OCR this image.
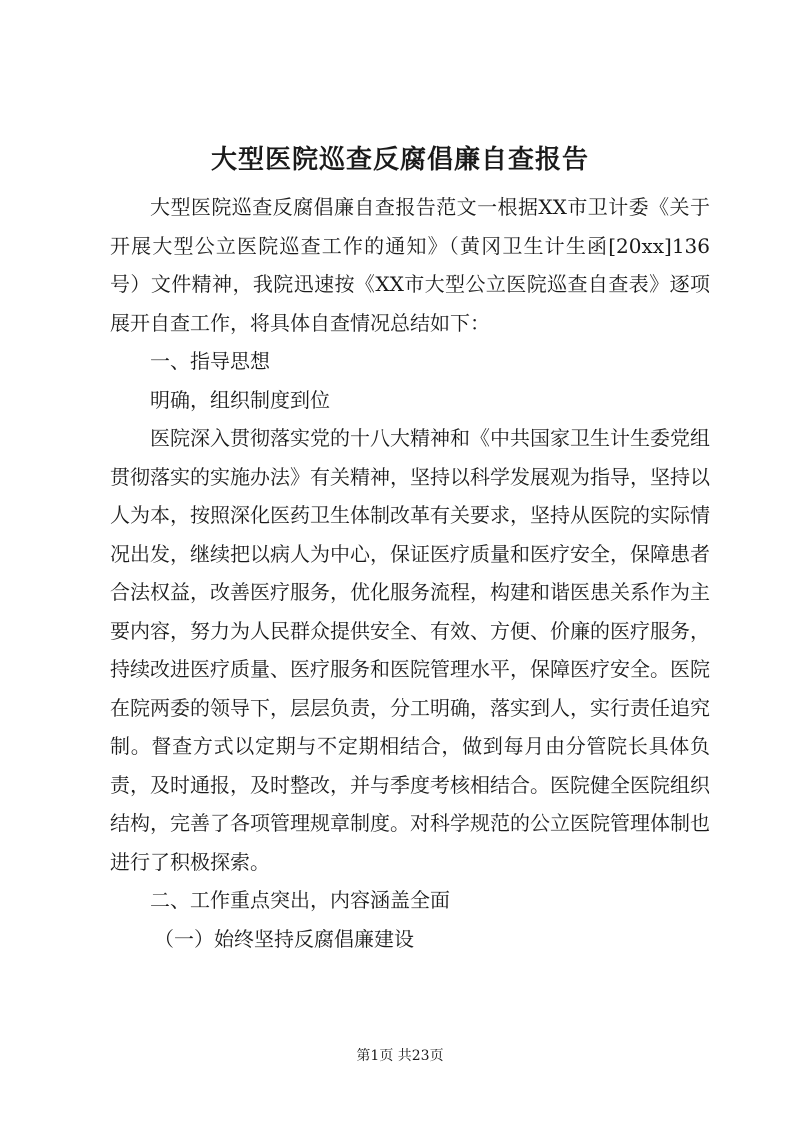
大型医院巡查反腐倡廉自查报告

大型医院巡查反腐倡廉自查报告范文一根据XX市卫计委《关于开展大型公立医院巡查工作的通知》（黄冈卫生计生函[20xx]136号）文件精神，我院迅速按《XX市大型公立医院巡查自查表》逐项展开自查工作，将具体自查情况总结如下：

一、指导思想

明确，组织制度到位

医院深入贯彻落实党的十八大精神和《中共国家卫生计生委党组贯彻落实的实施办法》有关精神，坚持以科学发展观为指导，坚持以人为本，按照深化医药卫生体制改革有关要求，坚持从医院的实际情况出发，继续把以病人为中心，保证医疗质量和医疗安全，保障患者合法权益，改善医疗服务，优化服务流程，构建和谐医患关系作为主要内容，努力为人民群众提供安全、有效、方便、价廉的医疗服务，持续改进医疗质量、医疗服务和医院管理水平，保障医疗安全。医院在院两委的领导下，层层负责，分工明确，落实到人，实行责任追究制。督查方式以定期与不定期相结合，做到每月由分管院长具体负责，及时通报，及时整改，并与季度考核相结合。医院健全医院组织结构，完善了各项管理规章制度。对科学规范的公立医院管理体制也进行了积极探索。

二、工作重点突出，内容涵盖全面

（一）始终坚持反腐倡廉建设

第1页 共23页
